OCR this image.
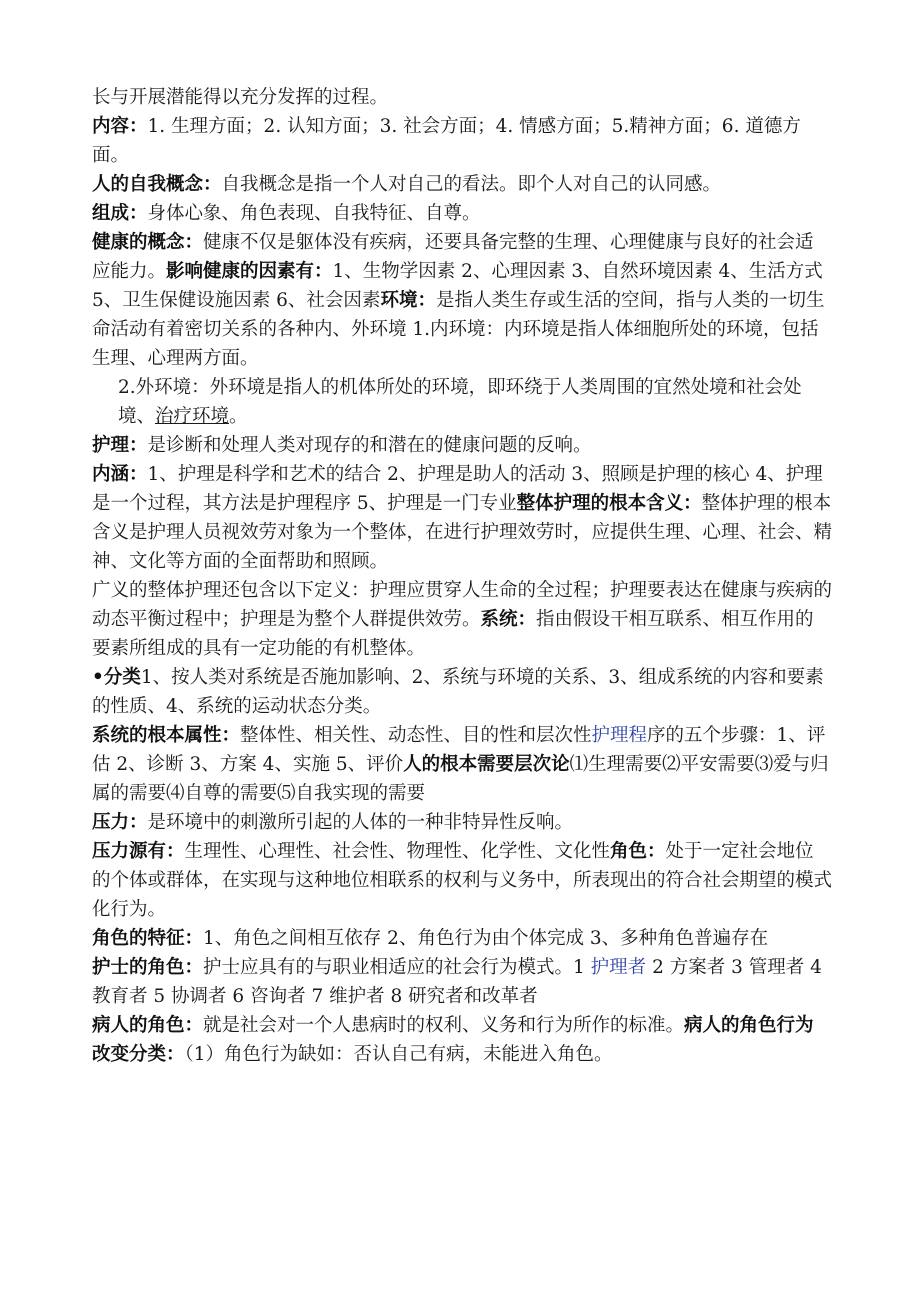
长与开展潜能得以充分发挥的过程。

内容：1. 生理方面；2. 认知方面；3. 社会方面；4. 情感方面；5.精神方面；6. 道德方面。

人的自我概念：自我概念是指一个人对自己的看法。即个人对自己的认同感。

组成：身体心象、角色表现、自我特征、自尊。

健康的概念：健康不仅是躯体没有疾病，还要具备完整的生理、心理健康与良好的社会适应能力。影响健康的因素有：1、生物学因素 2、心理因素 3、自然环境因素 4、生活方式 5、卫生保健设施因素 6、社会因素环境：是指人类生存或生活的空间，指与人类的一切生命活动有着密切关系的各种内、外环境 1.内环境：内环境是指人体细胞所处的环境，包括生理、心理两方面。

2.外环境：外环境是指人的机体所处的环境，即环绕于人类周围的宜然处境和社会处境、治疗环境。

护理：是诊断和处理人类对现存的和潜在的健康问题的反响。

内涵：1、护理是科学和艺术的结合 2、护理是助人的活动 3、照顾是护理的核心 4、护理是一个过程，其方法是护理程序 5、护理是一门专业整体护理的根本含义：整体护理的根本含义是护理人员视效劳对象为一个整体，在进行护理效劳时，应提供生理、心理、社会、精神、文化等方面的全面帮助和照顾。

广义的整体护理还包含以下定义：护理应贯穿人生命的全过程；护理要表达在健康与疾病的动态平衡过程中；护理是为整个人群提供效劳。系统：指由假设干相互联系、相互作用的要素所组成的具有一定功能的有机整体。

•分类1、按人类对系统是否施加影响、2、系统与环境的关系、3、组成系统的内容和要素的性质、4、系统的运动状态分类。

系统的根本属性：整体性、相关性、动态性、目的性和层次性护理程序的五个步骤：1、评估 2、诊断 3、方案 4、实施 5、评价人的根本需要层次论⑴生理需要⑵平安需要⑶爱与归属的需要⑷自尊的需要⑸自我实现的需要

压力：是环境中的刺激所引起的人体的一种非特异性反响。

压力源有：生理性、心理性、社会性、物理性、化学性、文化性角色：处于一定社会地位的个体或群体，在实现与这种地位相联系的权利与义务中，所表现出的符合社会期望的模式化行为。

角色的特征：1、角色之间相互依存 2、角色行为由个体完成 3、多种角色普遍存在

护士的角色：护士应具有的与职业相适应的社会行为模式。1 护理者 2 方案者 3 管理者 4 教育者 5 协调者 6 咨询者 7 维护者 8 研究者和改革者

病人的角色：就是社会对一个人患病时的权利、义务和行为所作的标准。病人的角色行为改变分类：（1）角色行为缺如：否认自己有病，未能进入角色。
